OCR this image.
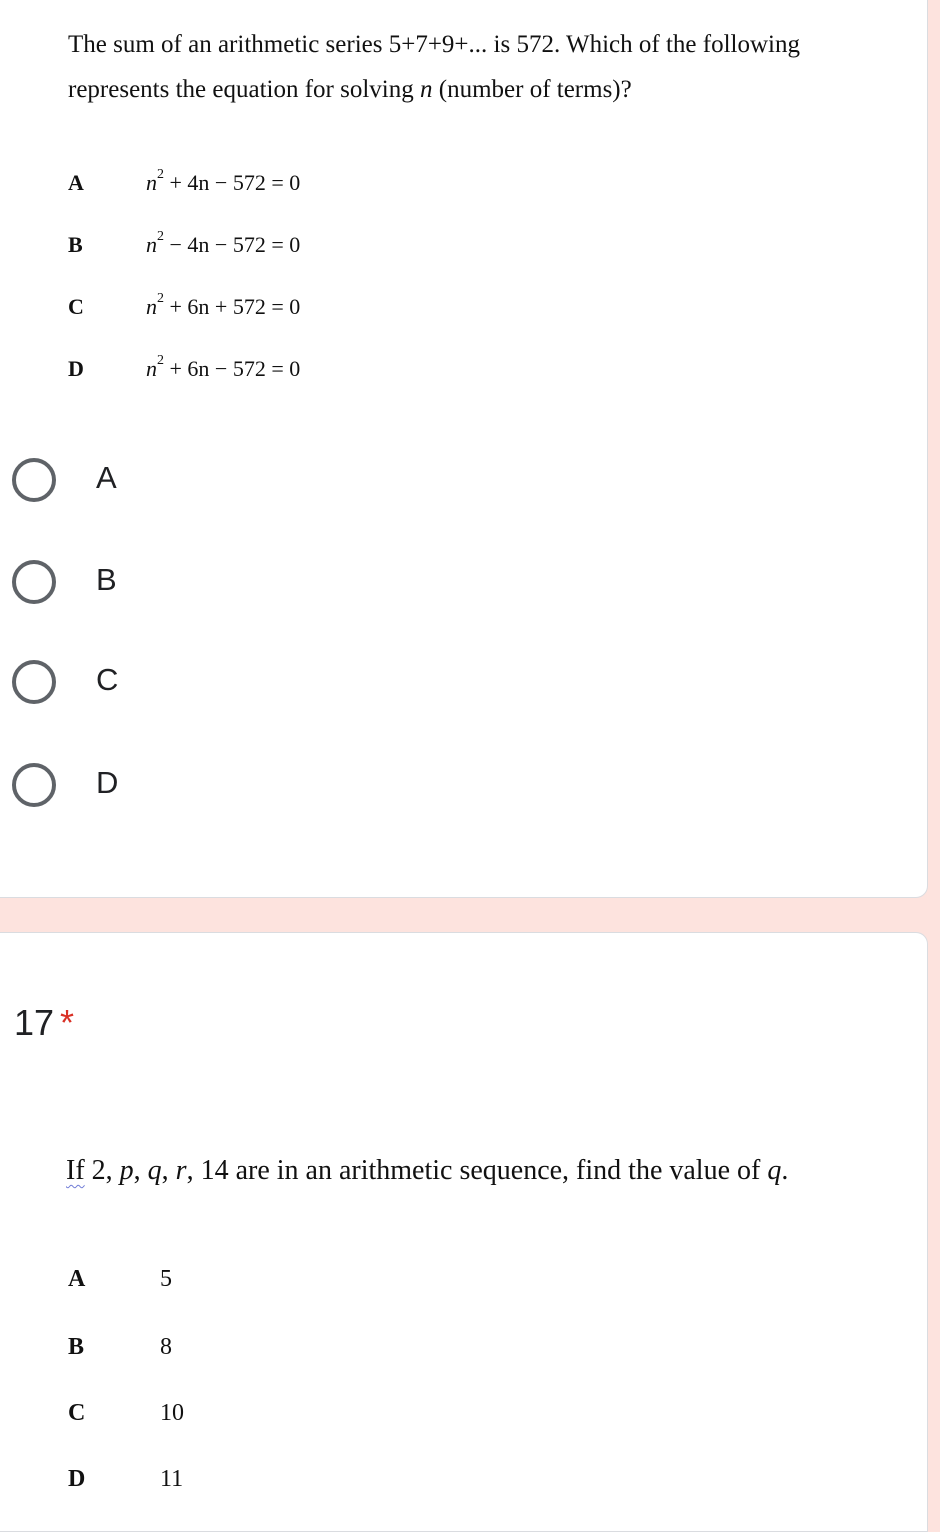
The sum of an arithmetic series 5+7+9+... is 572. Which of the following represents the equation for solving n (number of terms)?
A	$n^2 + 4n - 572 = 0$
B	$n^2 - 4n - 572 = 0$
C	$n^2 + 6n + 572 = 0$
D	$n^2 + 6n - 572 = 0$
A
B
C
D
17 *
If 2, p, q, r, 14 are in an arithmetic sequence, find the value of q.
A	5
B	8
C	10
D	11
